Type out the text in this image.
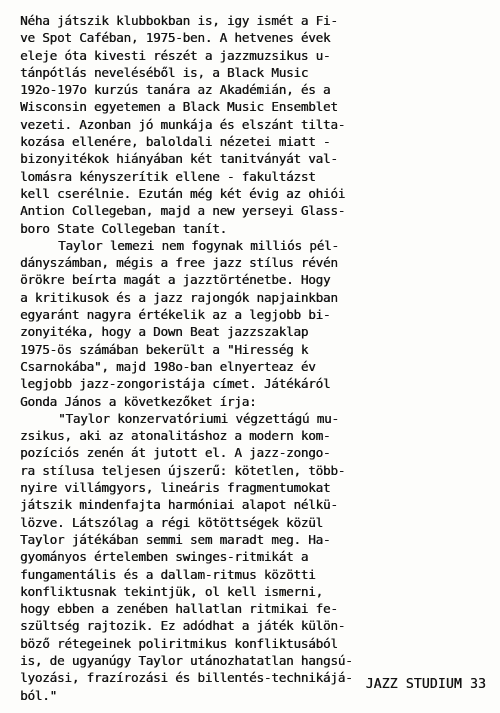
Néha játszik klubbokban is, igy ismét a Fi-
ve Spot Caféban, 1975-ben. A hetvenes évek
eleje óta kivesti részét a jazzmuzsikus u-
tánpótlás neveléséből is, a Black Music
192o-197o kurzús tanára az Akadémián, és a
Wisconsin egyetemen a Black Music Ensemblet
vezeti. Azonban jó munkája és elszánt tilta-
kozása ellenére, baloldali nézetei miatt -
bizonyitékok hiányában két tanitványát val-
lomásra kényszerítik ellene - fakultázst
kell cserélnie. Ezután még két évig az ohiói
Antion Collegeban, majd a new yerseyi Glass-
boro State Collegeban tanít.
Taylor lemezi nem fogynak milliós pél-
dányszámban, mégis a free jazz stílus révén
örökre beírta magát a jazztörténetbe. Hogy
a kritikusok és a jazz rajongók napjainkban
egyaránt nagyra értékelik az a legjobb bi-
zonyitéka, hogy a Down Beat jazzszaklap
1975-ös számában bekerült a "Hiresség k
Csarnokába", majd 198o-ban elnyerteaz év
legjobb jazz-zongoristája címet. Játékáról
Gonda János a következőket írja:
"Taylor konzervatóriumi végzettágú mu-
zsikus, aki az atonalitáshoz a modern kom-
pozíciós zenén át jutott el. A jazz-zongo-
ra stílusa teljesen újszerű: kötetlen, több-
nyire villámgyors, lineáris fragmentumokat
játszik mindenfajta harmóniai alapot nélkü-
lözve. Látszólag a régi kötöttségek közül
Taylor játékában semmi sem maradt meg. Ha-
gyományos értelemben swinges-ritmikát a
fungamentális és a dallam-ritmus közötti
konfliktusnak tekintjük, ol kell ismerni,
hogy ebben a zenében hallatlan ritmikai fe-
szültség rajtozik. Ez adódhat a játék külön-
böző rétegeinek poliritmikus konfliktusából
is, de ugyanúgy Taylor utánozhatatlan hangsú-
lyozási, frazírozási és billentés-technikájá-
ból."
JAZZ STUDIUM 33
